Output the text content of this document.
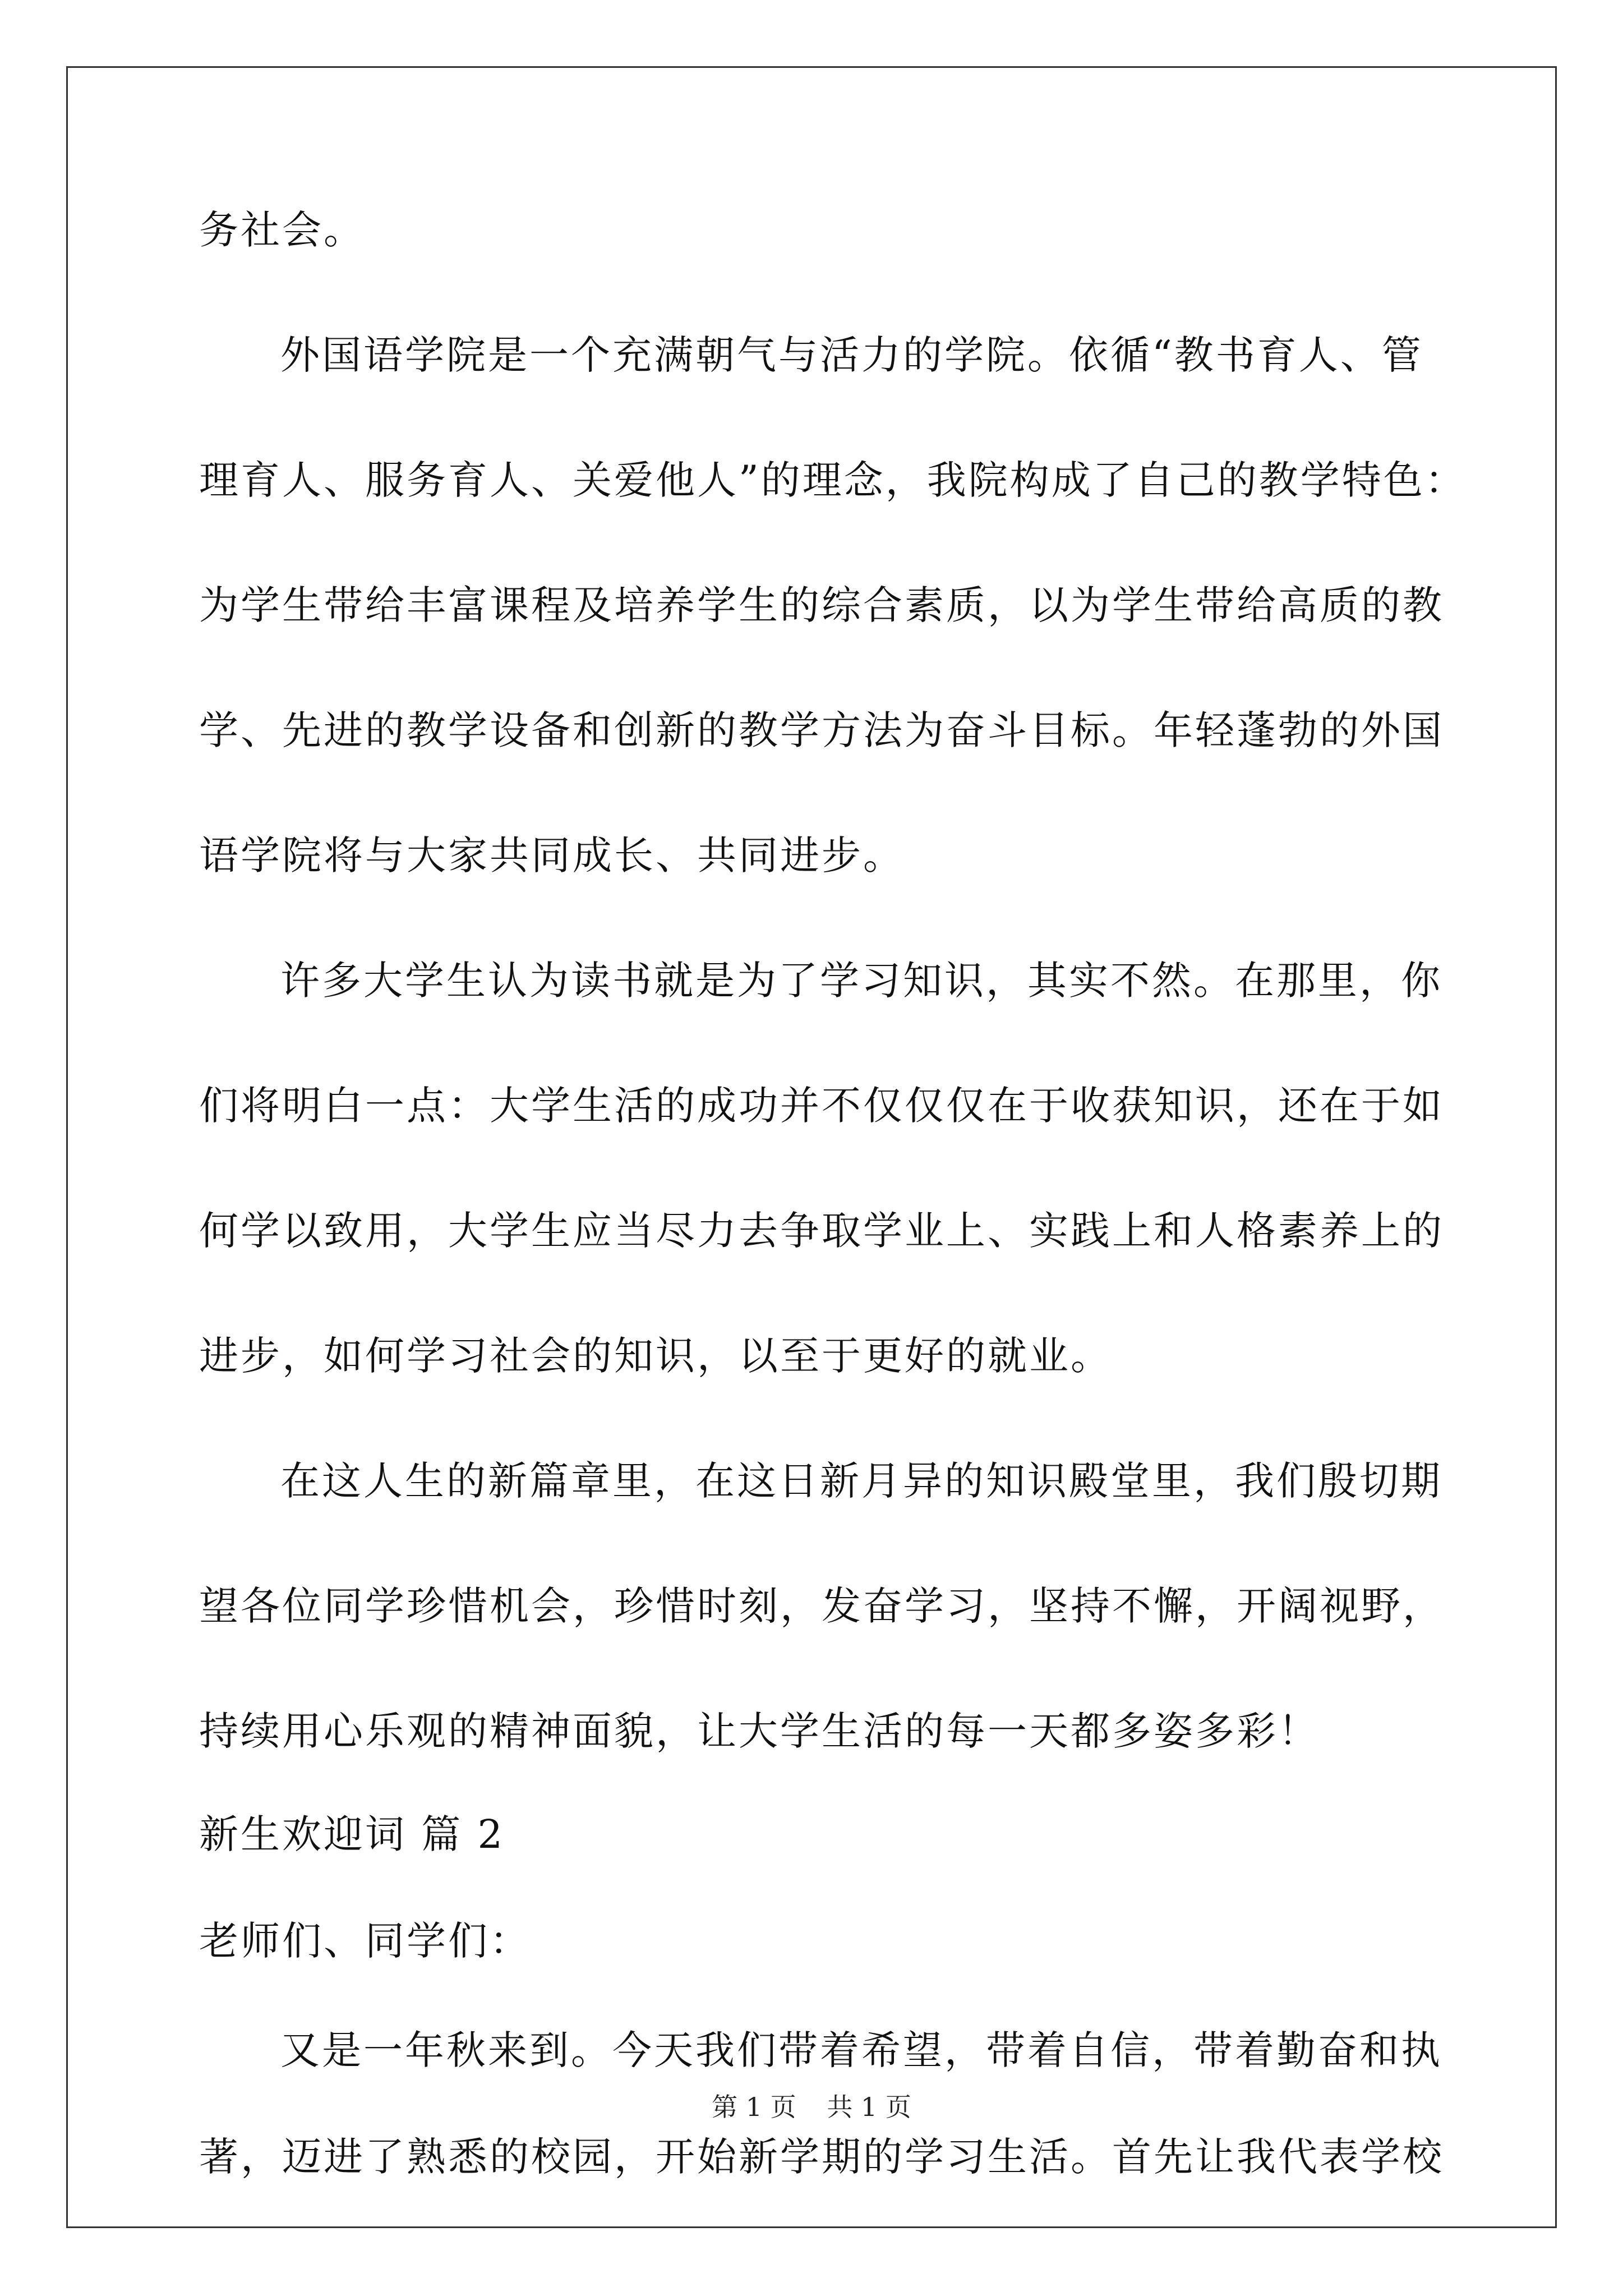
务社会。
外国语学院是一个充满朝气与活力的学院。依循“教书育人、管
理育人、服务育人、关爱他人”的理念，我院构成了自己的教学特色：
为学生带给丰富课程及培养学生的综合素质，以为学生带给高质的教
学、先进的教学设备和创新的教学方法为奋斗目标。年轻蓬勃的外国
语学院将与大家共同成长、共同进步。
许多大学生认为读书就是为了学习知识，其实不然。在那里，你
们将明白一点：大学生活的成功并不仅仅仅在于收获知识，还在于如
何学以致用，大学生应当尽力去争取学业上、实践上和人格素养上的
进步，如何学习社会的知识，以至于更好的就业。
在这人生的新篇章里，在这日新月异的知识殿堂里，我们殷切期
望各位同学珍惜机会，珍惜时刻，发奋学习，坚持不懈，开阔视野，
持续用心乐观的精神面貌，让大学生活的每一天都多姿多彩！
新生欢迎词 篇 2
老师们、同学们：
又是一年秋来到。今天我们带着希望，带着自信，带着勤奋和执
著，迈进了熟悉的校园，开始新学期的学习生活。首先让我代表学校
第 1 页 共 1 页
